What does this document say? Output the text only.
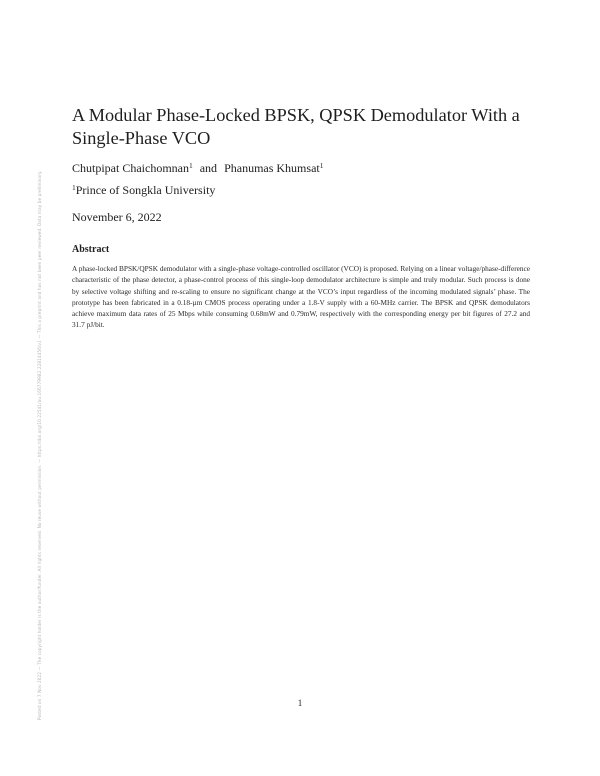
Posted on 7 Nov 2022 — The copyright holder is the author/funder. All rights reserved. No reuse without permission. — https://doi.org/10.22541/au.166779982.22814456/v1 — This a preprint and has not been peer reviewed. Data may be preliminary.
A Modular Phase-Locked BPSK, QPSK Demodulator With a Single-Phase VCO
Chutpipat Chaichomnan$^1$ and Phanumas Khumsat$^1$
$^1$Prince of Songkla University
November 6, 2022
Abstract

A phase-locked BPSK/QPSK demodulator with a single-phase voltage-controlled oscillator (VCO) is proposed. Relying on a linear voltage/phase-difference characteristic of the phase detector, a phase-control process of this single-loop demodulator architecture is simple and truly modular. Such process is done by selective voltage shifting and re-scaling to ensure no significant change at the VCO’s input regardless of the incoming modulated signals’ phase. The prototype has been fabricated in a 0.18-µm CMOS process operating under a 1.8-V supply with a 60-MHz carrier. The BPSK and QPSK demodulators achieve maximum data rates of 25 Mbps while consuming 0.68mW and 0.79mW, respectively with the corresponding energy per bit figures of 27.2 and 31.7 pJ/bit.

1
